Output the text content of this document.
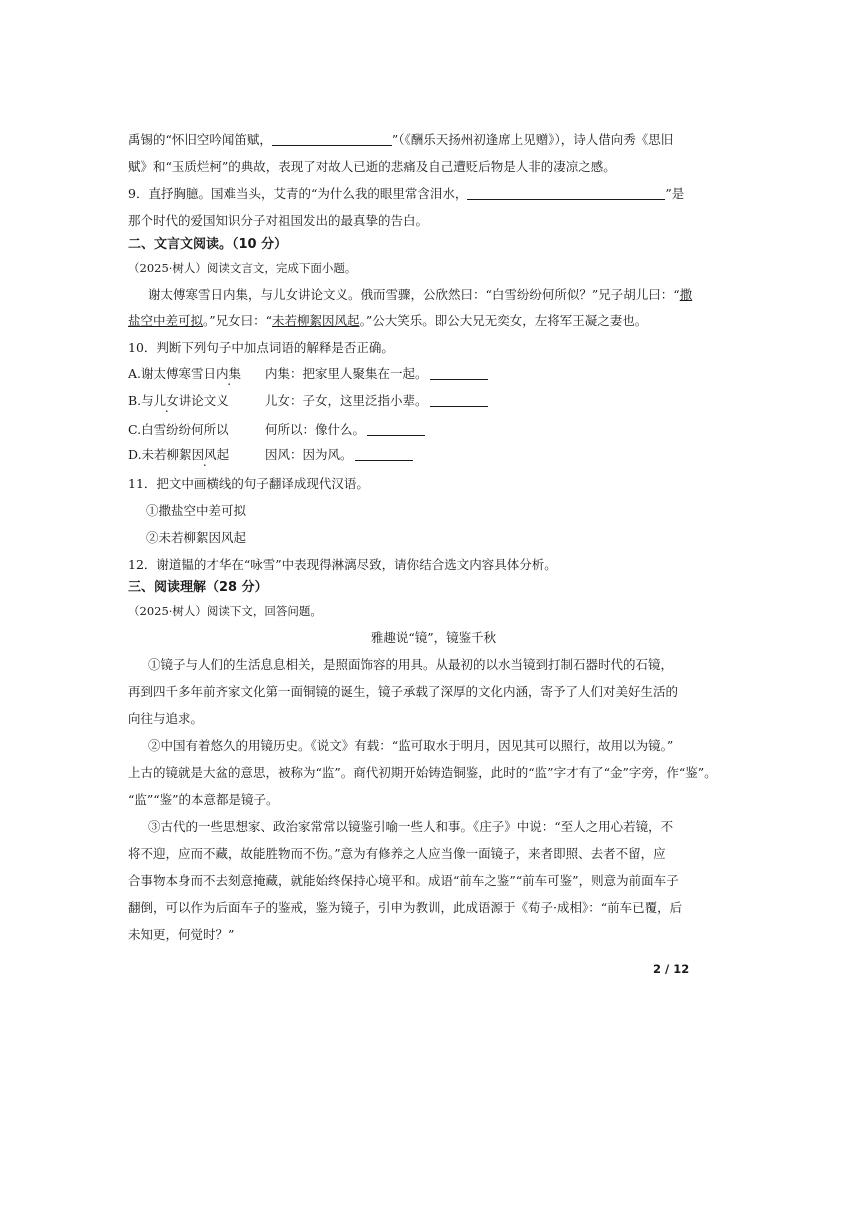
禹锡的“怀旧空吟闻笛赋，	”（《酬乐天扬州初逢席上见赠》），诗人借向秀《思旧
赋》和“玉质烂柯”的典故，表现了对故人已逝的悲痛及自己遭贬后物是人非的凄凉之感。
9．直抒胸臆。国难当头，艾青的“为什么我的眼里常含泪水，	”是
那个时代的爱国知识分子对祖国发出的最真挚的告白。
二、文言文阅读。（10 分）
（2025·树人）阅读文言文，完成下面小题。
谢太傅寒雪日内集，与儿女讲论文义。俄而雪骤，公欣然曰：“白雪纷纷何所似？”兄子胡儿曰：“撒
盐空中差可拟。”兄女曰：“未若柳絮因风起。”公大笑乐。即公大兄无奕女，左将军王凝之妻也。
10．判断下列句子中加点词语的解释是否正确。
A.谢太傅寒雪日内集 内集：把家里人聚集在一起。
B.与儿女讲论文义	儿女：子女，这里泛指小辈。
C.白雪纷纷何所以	何所以：像什么。
D.未若柳絮因风起	因风：因为风。
11．把文中画横线的句子翻译成现代汉语。
①撒盐空中差可拟
②未若柳絮因风起
12．谢道韫的才华在“咏雪”中表现得淋漓尽致，请你结合选文内容具体分析。
三、阅读理解（28 分）
（2025·树人）阅读下文，回答问题。
雅趣说“镜”，镜鉴千秋
①镜子与人们的生活息息相关，是照面饰容的用具。从最初的以水当镜到打制石器时代的石镜，
再到四千多年前齐家文化第一面铜镜的诞生，镜子承载了深厚的文化内涵，寄予了人们对美好生活的
向往与追求。
②中国有着悠久的用镜历史。《说文》有载：“监可取水于明月，因见其可以照行，故用以为镜。”
上古的镜就是大盆的意思，被称为“监”。商代初期开始铸造铜鉴，此时的“监”字才有了“金”字旁，作“鉴”。
“监”“鉴”的本意都是镜子。
③古代的一些思想家、政治家常常以镜鉴引喻一些人和事。《庄子》中说：“至人之用心若镜，不
将不迎，应而不藏，故能胜物而不伤。”意为有修养之人应当像一面镜子，来者即照、去者不留，应
合事物本身而不去刻意掩藏，就能始终保持心境平和。成语“前车之鉴”“前车可鉴”，则意为前面车子
翻倒，可以作为后面车子的鉴戒，鉴为镜子，引申为教训，此成语源于《荀子·成相》：“前车已覆，后
未知更，何觉时？”
2 / 12
